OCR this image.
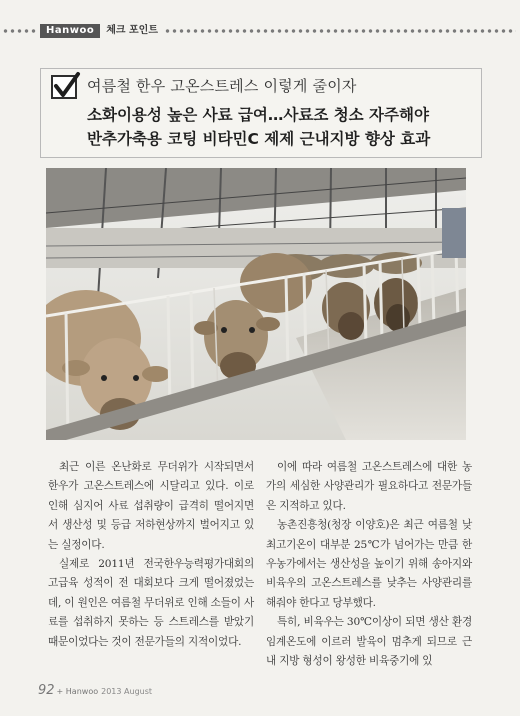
Hanwoo	체크 포인트
여름철 한우 고온스트레스 이렇게 줄이자
소화이용성 높은 사료 급여…사료조 청소 자주해야
반추가축용 코팅 비타민C 제제 근내지방 향상 효과

최근 이른 온난화로 무더위가 시작되면서 한우가 고온스트레스에 시달리고 있다. 이로 인해 심지어 사료 섭취량이 급격히 떨어지면서 생산성 및 등급 저하현상까지 벌어지고 있는 실정이다.

실제로 2011년 전국한우능력평가대회의 고급육 성적이 전 대회보다 크게 떨어졌었는데, 이 원인은 여름철 무더위로 인해 소들이 사료를 섭취하지 못하는 등 스트레스를 받았기 때문이었다는 것이 전문가들의 지적이었다.

이에 따라 여름철 고온스트레스에 대한 농가의 세심한 사양관리가 필요하다고 전문가들은 지적하고 있다.

농촌진흥청(청장 이양호)은 최근 여름철 낮 최고기온이 대부분 25℃가 넘어가는 만큼 한우농가에서는 생산성을 높이기 위해 송아지와 비육우의 고온스트레스를 낮추는 사양관리를 해줘야 한다고 당부했다.

특히, 비육우는 30℃이상이 되면 생산 환경 임계온도에 이르러 발육이 멈추게 되므로 근내 지방 형성이 왕성한 비육중기에 있

92 + Hanwoo 2013 August
